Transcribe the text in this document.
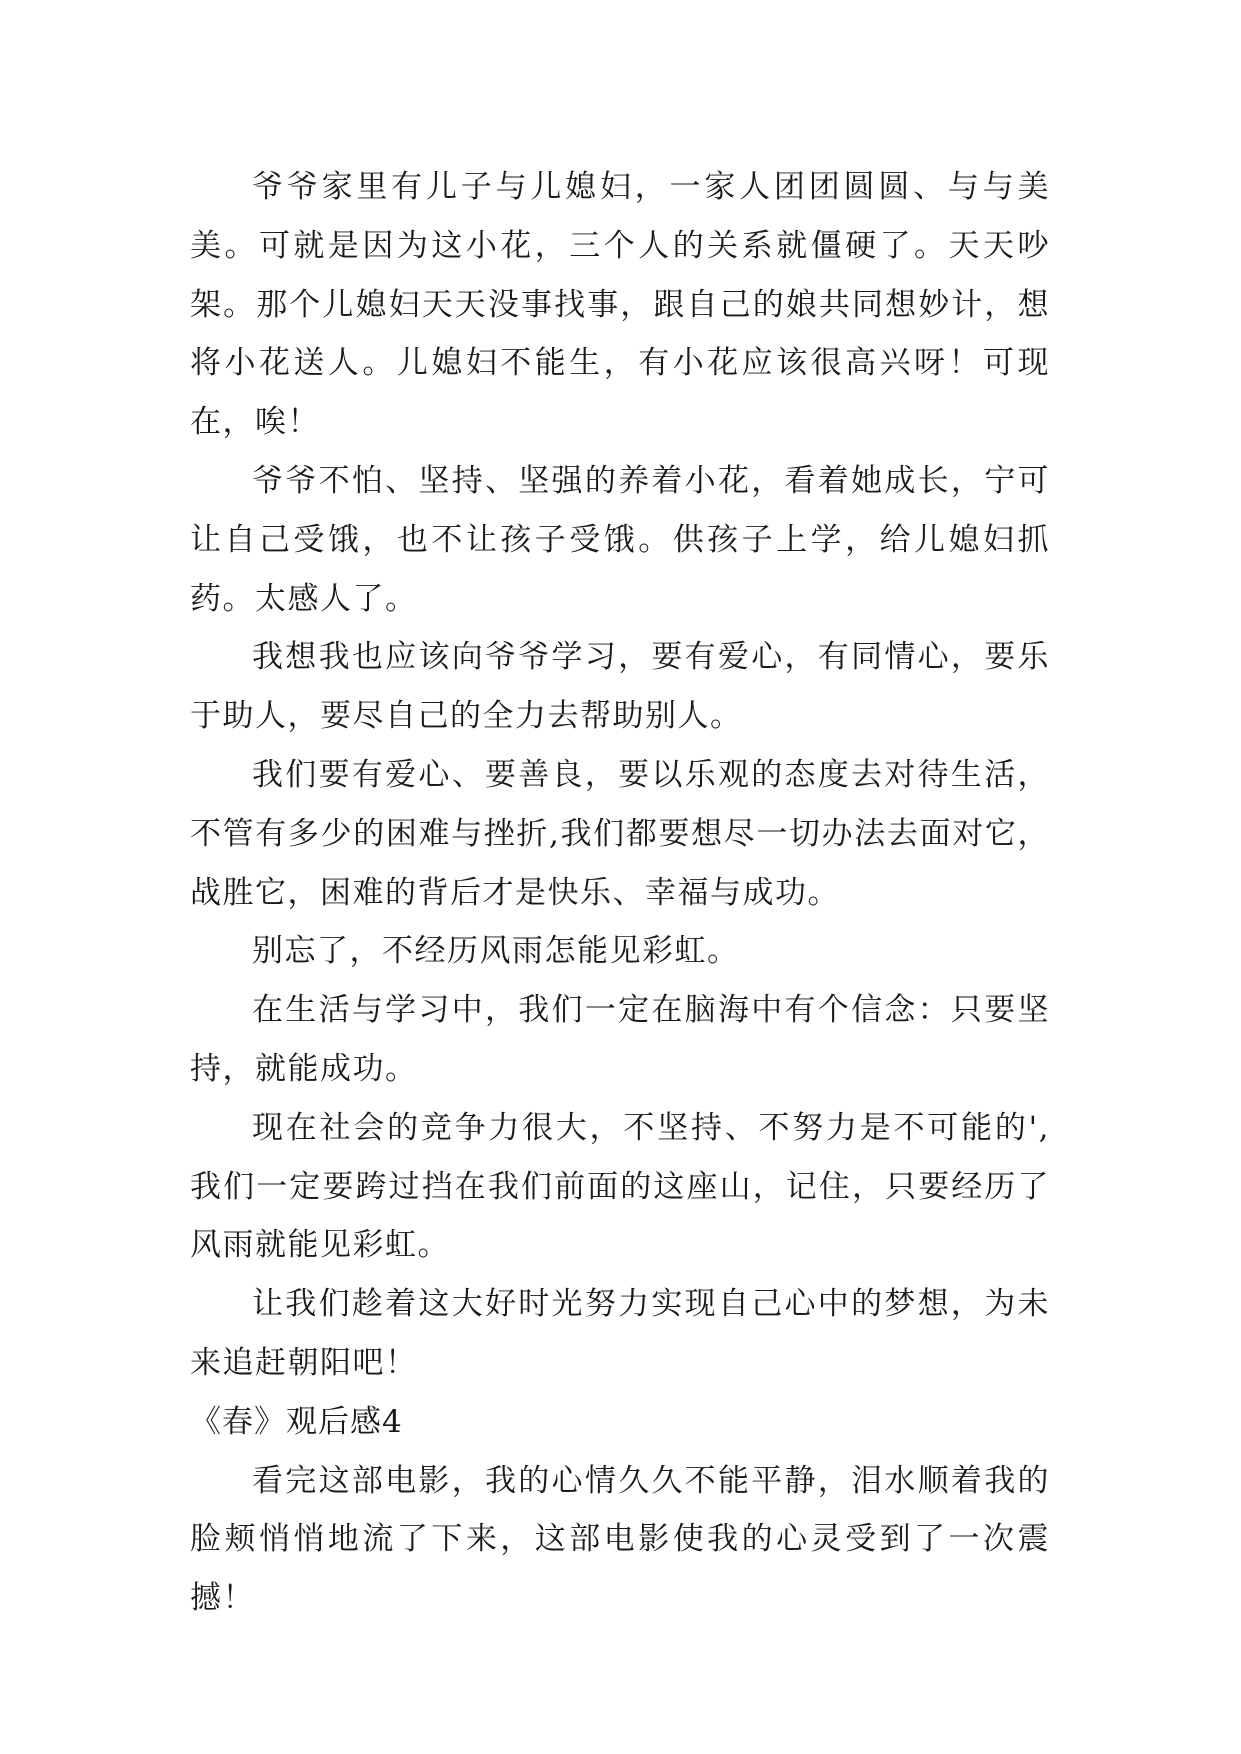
爷爷家里有儿子与儿媳妇，一家人团团圆圆、与与美美。可就是因为这小花，三个人的关系就僵硬了。天天吵架。那个儿媳妇天天没事找事，跟自己的娘共同想妙计，想将小花送人。儿媳妇不能生，有小花应该很高兴呀！可现在，唉！

爷爷不怕、坚持、坚强的养着小花，看着她成长，宁可让自己受饿，也不让孩子受饿。供孩子上学，给儿媳妇抓药。太感人了。

我想我也应该向爷爷学习，要有爱心，有同情心，要乐于助人，要尽自己的全力去帮助别人。

我们要有爱心、要善良，要以乐观的态度去对待生活，不管有多少的困难与挫折,我们都要想尽一切办法去面对它，战胜它，困难的背后才是快乐、幸福与成功。

别忘了，不经历风雨怎能见彩虹。

在生活与学习中，我们一定在脑海中有个信念：只要坚持，就能成功。

现在社会的竞争力很大，不坚持、不努力是不可能的',我们一定要跨过挡在我们前面的这座山，记住，只要经历了风雨就能见彩虹。

让我们趁着这大好时光努力实现自己心中的梦想，为未来追赶朝阳吧！

《春》观后感4

看完这部电影，我的心情久久不能平静，泪水顺着我的脸颊悄悄地流了下来，这部电影使我的心灵受到了一次震撼！
